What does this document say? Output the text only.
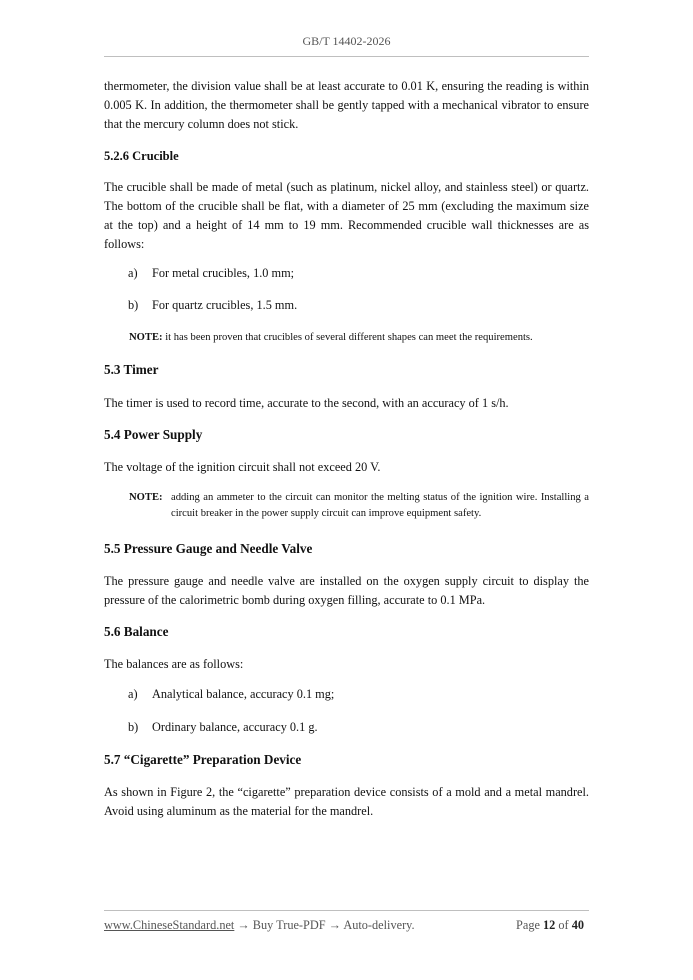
GB/T 14402-2026

thermometer, the division value shall be at least accurate to 0.01 K, ensuring the reading is within 0.005 K. In addition, the thermometer shall be gently tapped with a mechanical vibrator to ensure that the mercury column does not stick.

5.2.6 Crucible

The crucible shall be made of metal (such as platinum, nickel alloy, and stainless steel) or quartz. The bottom of the crucible shall be flat, with a diameter of 25 mm (excluding the maximum size at the top) and a height of 14 mm to 19 mm. Recommended crucible wall thicknesses are as follows:

a) For metal crucibles, 1.0 mm;
b) For quartz crucibles, 1.5 mm.
NOTE: it has been proven that crucibles of several different shapes can meet the requirements.
5.3 Timer

The timer is used to record time, accurate to the second, with an accuracy of 1 s/h.

5.4 Power Supply

The voltage of the ignition circuit shall not exceed 20 V.

NOTE: adding an ammeter to the circuit can monitor the melting status of the ignition wire. Installing a circuit breaker in the power supply circuit can improve equipment safety.
5.5 Pressure Gauge and Needle Valve

The pressure gauge and needle valve are installed on the oxygen supply circuit to display the pressure of the calorimetric bomb during oxygen filling, accurate to 0.1 MPa.

5.6 Balance

The balances are as follows:

a) Analytical balance, accuracy 0.1 mg;
b) Ordinary balance, accuracy 0.1 g.
5.7 “Cigarette” Preparation Device

As shown in Figure 2, the “cigarette” preparation device consists of a mold and a metal mandrel. Avoid using aluminum as the material for the mandrel.

www.ChineseStandard.net → Buy True-PDF → Auto-delivery.	Page 12 of 40
